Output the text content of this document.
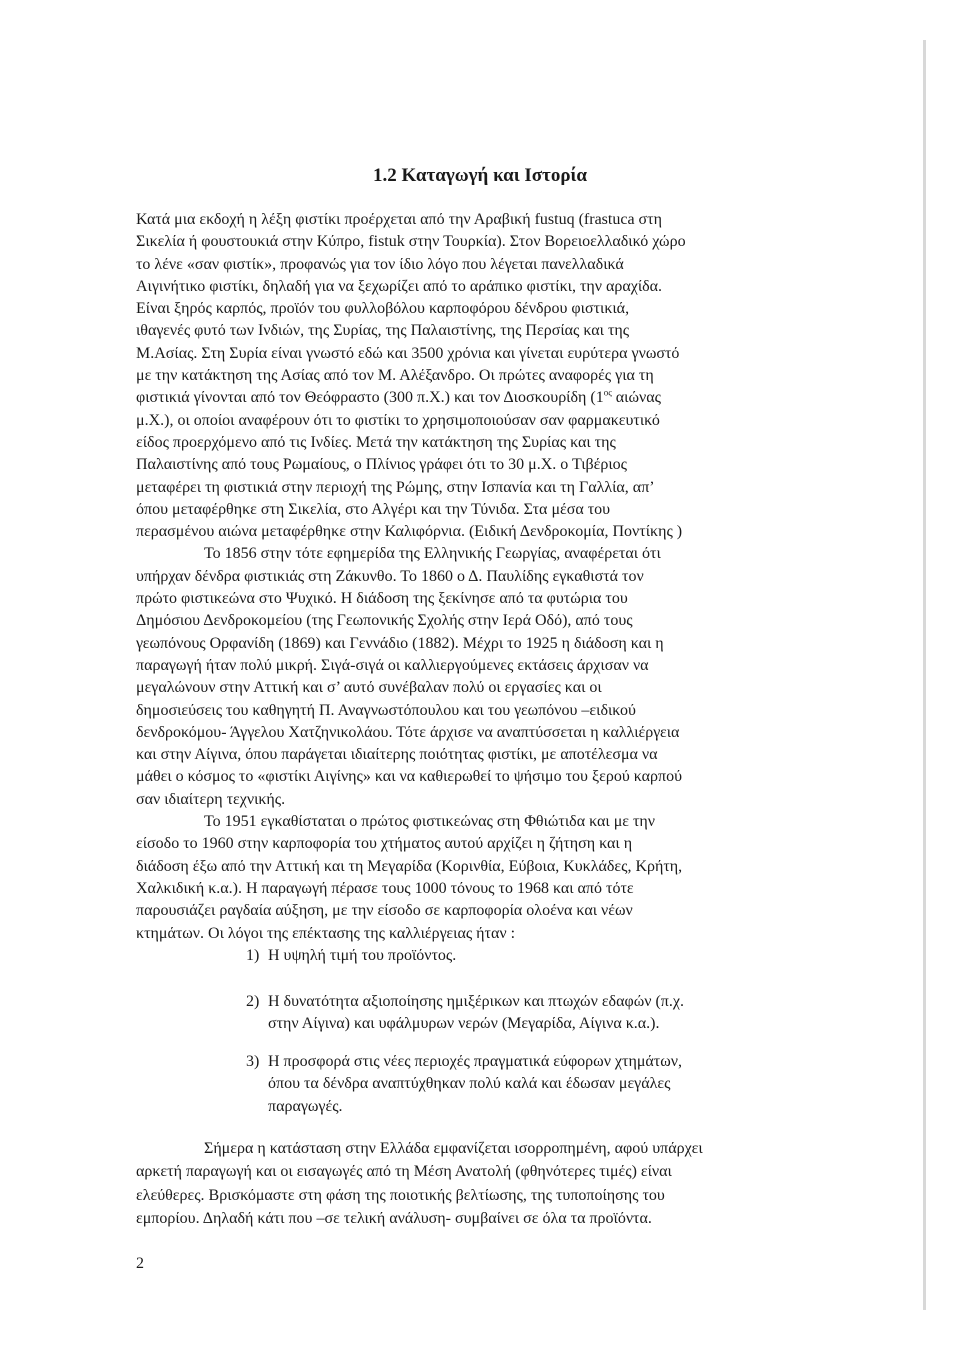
1.2 Καταγωγή και Ιστορία
Κατά μια εκδοχή η λέξη φιστίκι προέρχεται από την Αραβική fustuq (frastuca στη
Σικελία ή φουστουκιά στην Κύπρο, fistuk στην Τουρκία). Στον Βορειοελλαδικό χώρο
το λένε «σαν φιστίκ», προφανώς για τον ίδιο λόγο που λέγεται πανελλαδικά
Αιγινήτικο φιστίκι, δηλαδή για να ξεχωρίζει από το αράπικο φιστίκι, την αραχίδα.
Είναι ξηρός καρπός, προϊόν του φυλλοβόλου καρποφόρου δένδρου φιστικιά,
ιθαγενές φυτό των Ινδιών, της Συρίας, της Παλαιστίνης, της Περσίας και της
Μ.Ασίας. Στη Συρία είναι γνωστό εδώ και 3500 χρόνια και γίνεται ευρύτερα γνωστό
με την κατάκτηση της Ασίας από τον Μ. Αλέξανδρο. Οι πρώτες αναφορές για τη
φιστικιά γίνονται από τον Θεόφραστο (300 π.Χ.) και τον Διοσκουρίδη ($1^{o\varsigma}$ αιώνας
μ.Χ.), οι οποίοι αναφέρουν ότι το φιστίκι το χρησιμοποιούσαν σαν φαρμακευτικό
είδος προερχόμενο από τις Ινδίες. Μετά την κατάκτηση της Συρίας και της
Παλαιστίνης από τους Ρωμαίους, ο Πλίνιος γράφει ότι το 30 μ.Χ. ο Τιβέριος
μεταφέρει τη φιστικιά στην περιοχή της Ρώμης, στην Ισπανία και τη Γαλλία, απ’
όπου μεταφέρθηκε στη Σικελία, στο Αλγέρι και την Τύνιδα. Στα μέσα του
περασμένου αιώνα μεταφέρθηκε στην Καλιφόρνια. (Ειδική Δενδροκομία, Ποντίκης )
Το 1856 στην τότε εφημερίδα της Ελληνικής Γεωργίας, αναφέρεται ότι
υπήρχαν δένδρα φιστικιάς στη Ζάκυνθο. Το 1860 ο Δ. Παυλίδης εγκαθιστά τον
πρώτο φιστικεώνα στο Ψυχικό. Η διάδοση της ξεκίνησε από τα φυτώρια του
Δημόσιου Δενδροκομείου (της Γεωπονικής Σχολής στην Ιερά Οδό), από τους
γεωπόνους Ορφανίδη (1869) και Γεννάδιο (1882). Μέχρι το 1925 η διάδοση και η
παραγωγή ήταν πολύ μικρή. Σιγά-σιγά οι καλλιεργούμενες εκτάσεις άρχισαν να
μεγαλώνουν στην Αττική και σ’ αυτό συνέβαλαν πολύ οι εργασίες και οι
δημοσιεύσεις του καθηγητή Π. Αναγνωστόπουλου και του γεωπόνου –ειδικού
δενδροκόμου- Άγγελου Χατζηνικολάου. Τότε άρχισε να αναπτύσσεται η καλλιέργεια
και στην Αίγινα, όπου παράγεται ιδιαίτερης ποιότητας φιστίκι, με αποτέλεσμα να
μάθει ο κόσμος το «φιστίκι Αιγίνης» και να καθιερωθεί το ψήσιμο του ξερού καρπού
σαν ιδιαίτερη τεχνικής.
Το 1951 εγκαθίσταται ο πρώτος φιστικεώνας στη Φθιώτιδα και με την
είσοδο το 1960 στην καρποφορία του χτήματος αυτού αρχίζει η ζήτηση και η
διάδοση έξω από την Αττική και τη Μεγαρίδα (Κορινθία, Εύβοια, Κυκλάδες, Κρήτη,
Χαλκιδική κ.α.). Η παραγωγή πέρασε τους 1000 τόνους το 1968 και από τότε
παρουσιάζει ραγδαία αύξηση, με την είσοδο σε καρποφορία ολοένα και νέων
κτημάτων. Οι λόγοι της επέκτασης της καλλιέργειας ήταν :
1) Η υψηλή τιμή του προϊόντος.
2) Η δυνατότητα αξιοποίησης ημιξέρικων και πτωχών εδαφών (π.χ.
στην Αίγινα) και υφάλμυρων νερών (Μεγαρίδα, Αίγινα κ.α.).
3) Η προσφορά στις νέες περιοχές πραγματικά εύφορων χτημάτων,
όπου τα δένδρα αναπτύχθηκαν πολύ καλά και έδωσαν μεγάλες
παραγωγές.
Σήμερα η κατάσταση στην Ελλάδα εμφανίζεται ισορροπημένη, αφού υπάρχει
αρκετή παραγωγή και οι εισαγωγές από τη Μέση Ανατολή (φθηνότερες τιμές) είναι
ελεύθερες. Βρισκόμαστε στη φάση της ποιοτικής βελτίωσης, της τυποποίησης του
εμπορίου. Δηλαδή κάτι που –σε τελική ανάλυση- συμβαίνει σε όλα τα προϊόντα.
2
